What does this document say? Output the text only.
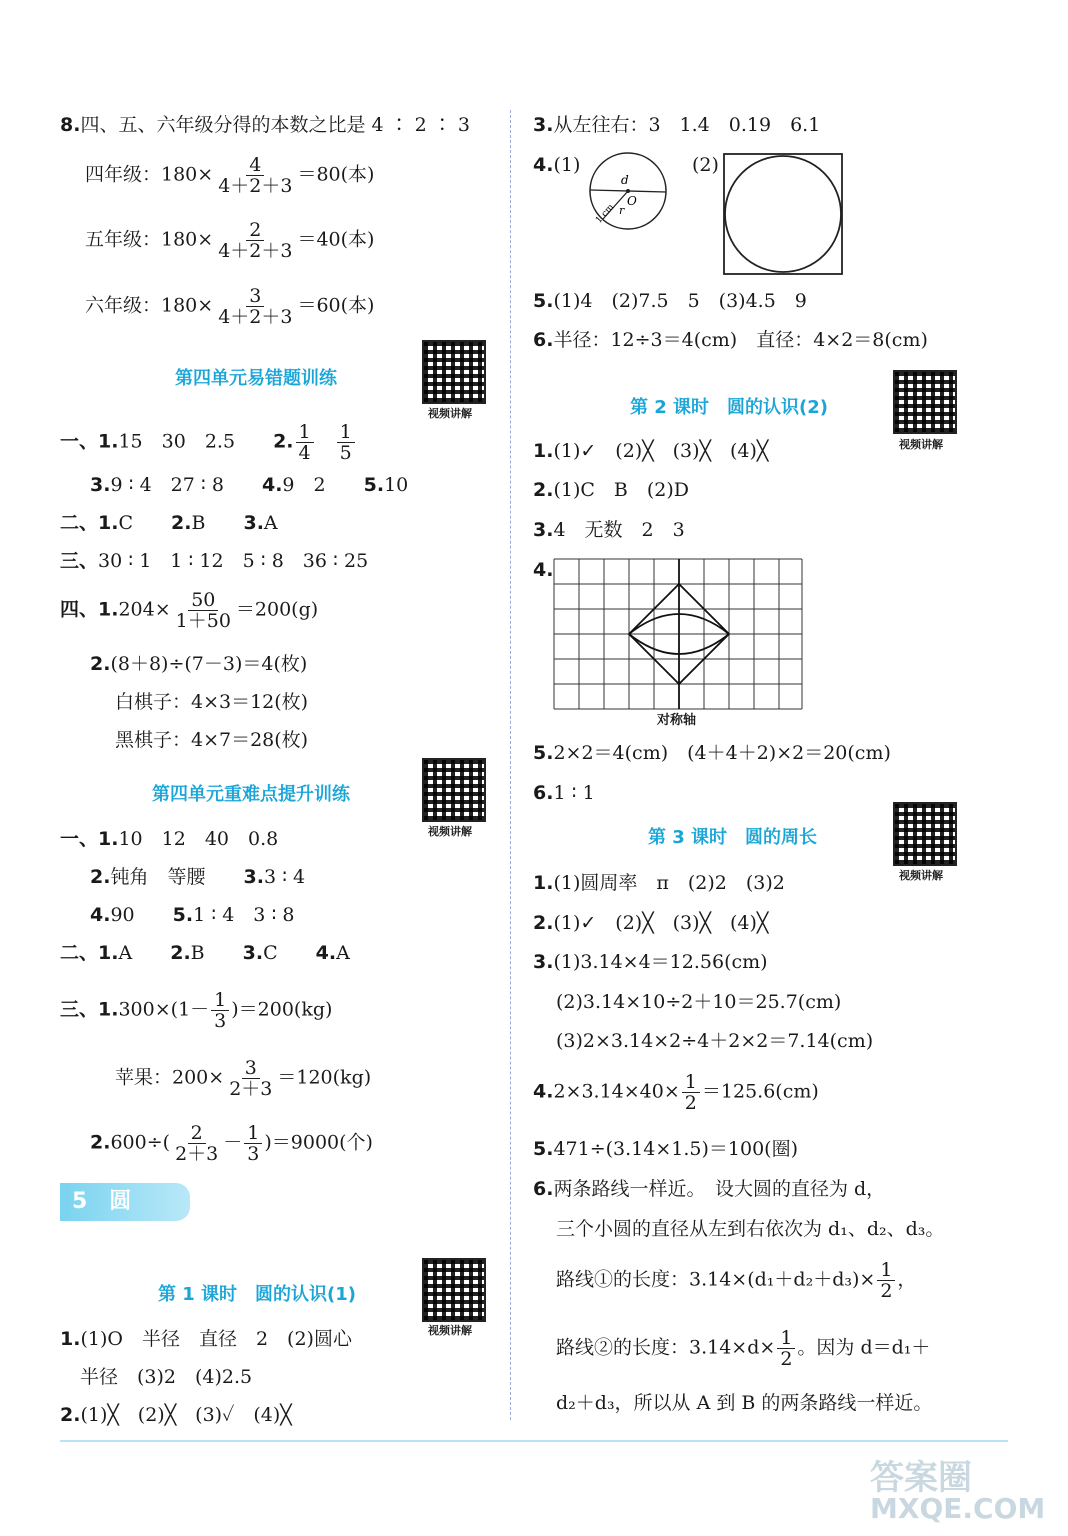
8.四、五、六年级分得的本数之比是 4 ∶ 2 ∶ 3
四年级：$180\times \frac{4}{4+2+3} =80$(本)
五年级：$180\times \frac{2}{4+2+3} =40$(本)
六年级：$180\times \frac{3}{4+2+3} =60$(本)
第四单元易错题训练
视频讲解
一、1.15　30　2.5　　 2. $\frac{1}{4}$
　 $\frac{1}{5}$
3.9 ∶ 4　27 ∶ 8　　 4.9　2　　 5.10
二、1.C　　 2.B　　 3.A
三、30 ∶ 1　1 ∶ 12　5 ∶ 8　36 ∶ 25
四、$1.204\times \frac{50}{1+50} =200(g)$
2.(8＋8)÷(7－3)＝4(枚)
白棋子：4×3＝12(枚)
黑棋子：4×7＝28(枚)
第四单元重难点提升训练
视频讲解
一、1.10　12　40　0.8
2.钝角　等腰　　 3.3 ∶ 4
4.90　　 5.1 ∶ 4　3 ∶ 8
二、1.A　　 2.B　　 3.C　　 4.A
三、$1.300\times(1- \frac{1}{3} )=200(kg)$
苹果：$200\times \frac{3}{2+3} =120(kg)$
$2.600\div( \frac{2}{2+3} - \frac{1}{3} )=9000$(个)
5　圆
第 1 课时　圆的认识(1)
视频讲解
1.(1)O　半径　直径　2　(2)圆心
半径　(3)2　(4)2.5
2.(1)╳　(2)╳　(3)✓　(4)╳
3.从左往右：3　1.4　0.19　6.1
4.(1)	(2)
d
O
r
1 cm
5.(1)4　(2)7.5　5　(3)4.5　9
6.半径：12÷3＝4(cm)　直径：4×2＝8(cm)
第 2 课时　圆的认识(2)
视频讲解
1.(1)✓　(2)╳　(3)╳　(4)╳
2.(1)C　B　(2)D
3.4　无数　2　3
4.
对称轴
5.2×2＝4(cm)　(4＋4＋2)×2＝20(cm)
6.1 ∶ 1
第 3 课时　圆的周长
视频讲解
1.(1)圆周率　π　(2)2　(3)2
2.(1)✓　(2)╳　(3)╳　(4)╳
3.(1)3.14×4＝12.56(cm)
(2)3.14×10÷2＋10＝25.7(cm)
(3)2×3.14×2÷4＋2×2＝7.14(cm)
$4.2\times 3.14\times 40\times \frac{1}{2} =125.6(cm)$
5.471÷(3.14×1.5)＝100(圈)
6.两条路线一样近。　设大圆的直径为 d，
三个小圆的直径从左到右依次为 d₁、d₂、d₃。
路线①的长度：$3.14\times(d_1+d_2+d_3)\times \frac{1}{2}$ ，
路线②的长度：$3.14\times d\times \frac{1}{2}$ 。因为 d＝d₁＋
d₂＋d₃，所以从 A 到 B 的两条路线一样近。
答案圈
MXQE.COM
